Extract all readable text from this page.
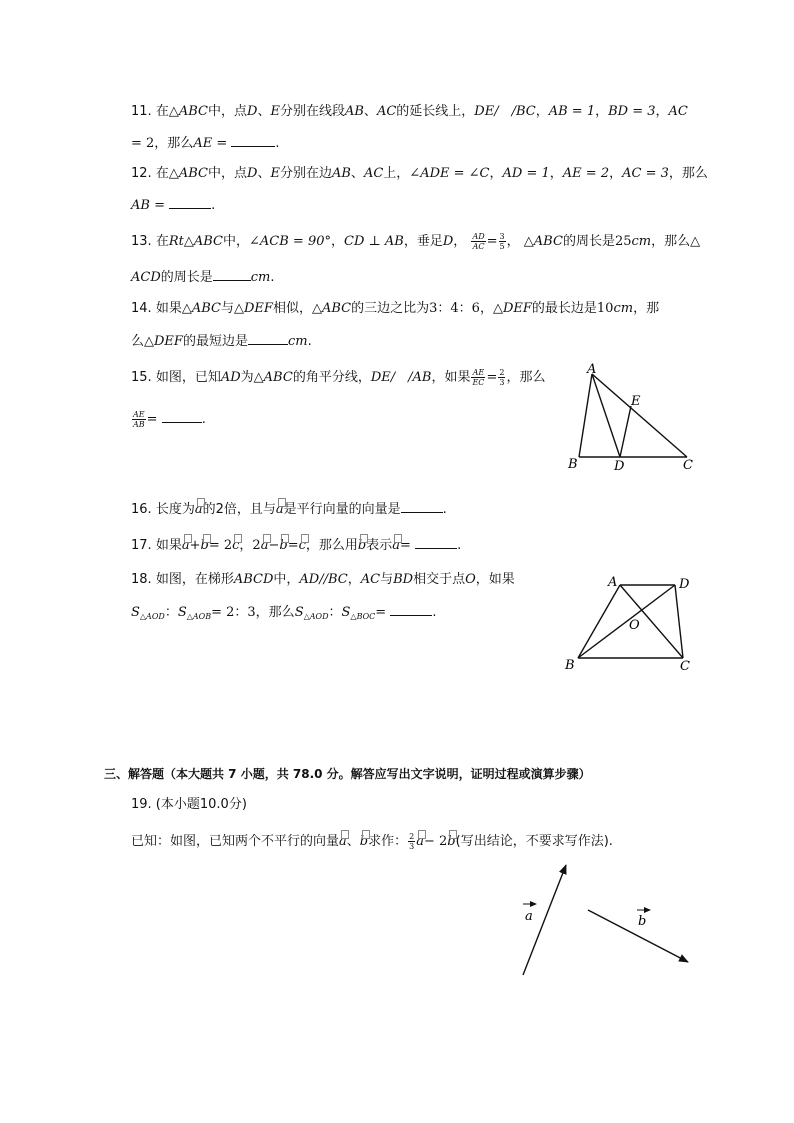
11. 在△ABC中，点D、E分别在线段AB、AC的延长线上，DE/　/BC，AB = 1，BD = 3，AC
= 2，那么AE =	.
12. 在△ABC中，点D、E分别在边AB、AC上，∠ADE = ∠C，AD = 1，AE = 2，AC = 3，那么
AB =	.
13. 在Rt△ABC中，∠ACB = 90°，CD ⊥ AB，垂足D， $\frac{AD}{AC} = \frac{3}{5}$ ， △ABC的周长是25cm，那么△
ACD的周长是	cm.
14. 如果△ABC与△DEF相似，△ABC的三边之比为3：4：6，△DEF的最长边是10cm，那
么△DEF的最短边是	cm.
15. 如图，已知AD为△ABC的角平分线，DE/　/AB，如果 $\frac{AE}{EC} = \frac{2}{3}$ ，那么
$\frac{AE}{AB}$ =	.
A
B	C
D
E
16. 长度为a的2倍，且与a是平行向量的向量是	.
17. 如果a+b= 2c，2a−b=c，那么用b表示a=	.
18. 如图，在梯形ABCD中，AD//BC，AC与BD相交于点O，如果
$S_{\triangle AOD}$：$S_{\triangle AOB}= 2$：3，那么$S_{\triangle AOD}$：$S_{\triangle BOC}=$	.
A	D
B	C
O
三、解答题（本大题共 7 小题，共 78.0 分。解答应写出文字说明，证明过程或演算步骤）
19. (本小题10.0分)
已知：如图，已知两个不平行的向量a、b求作： $\frac{2}{3} a- 2b$(写出结论，不要求写作法).
a	b
